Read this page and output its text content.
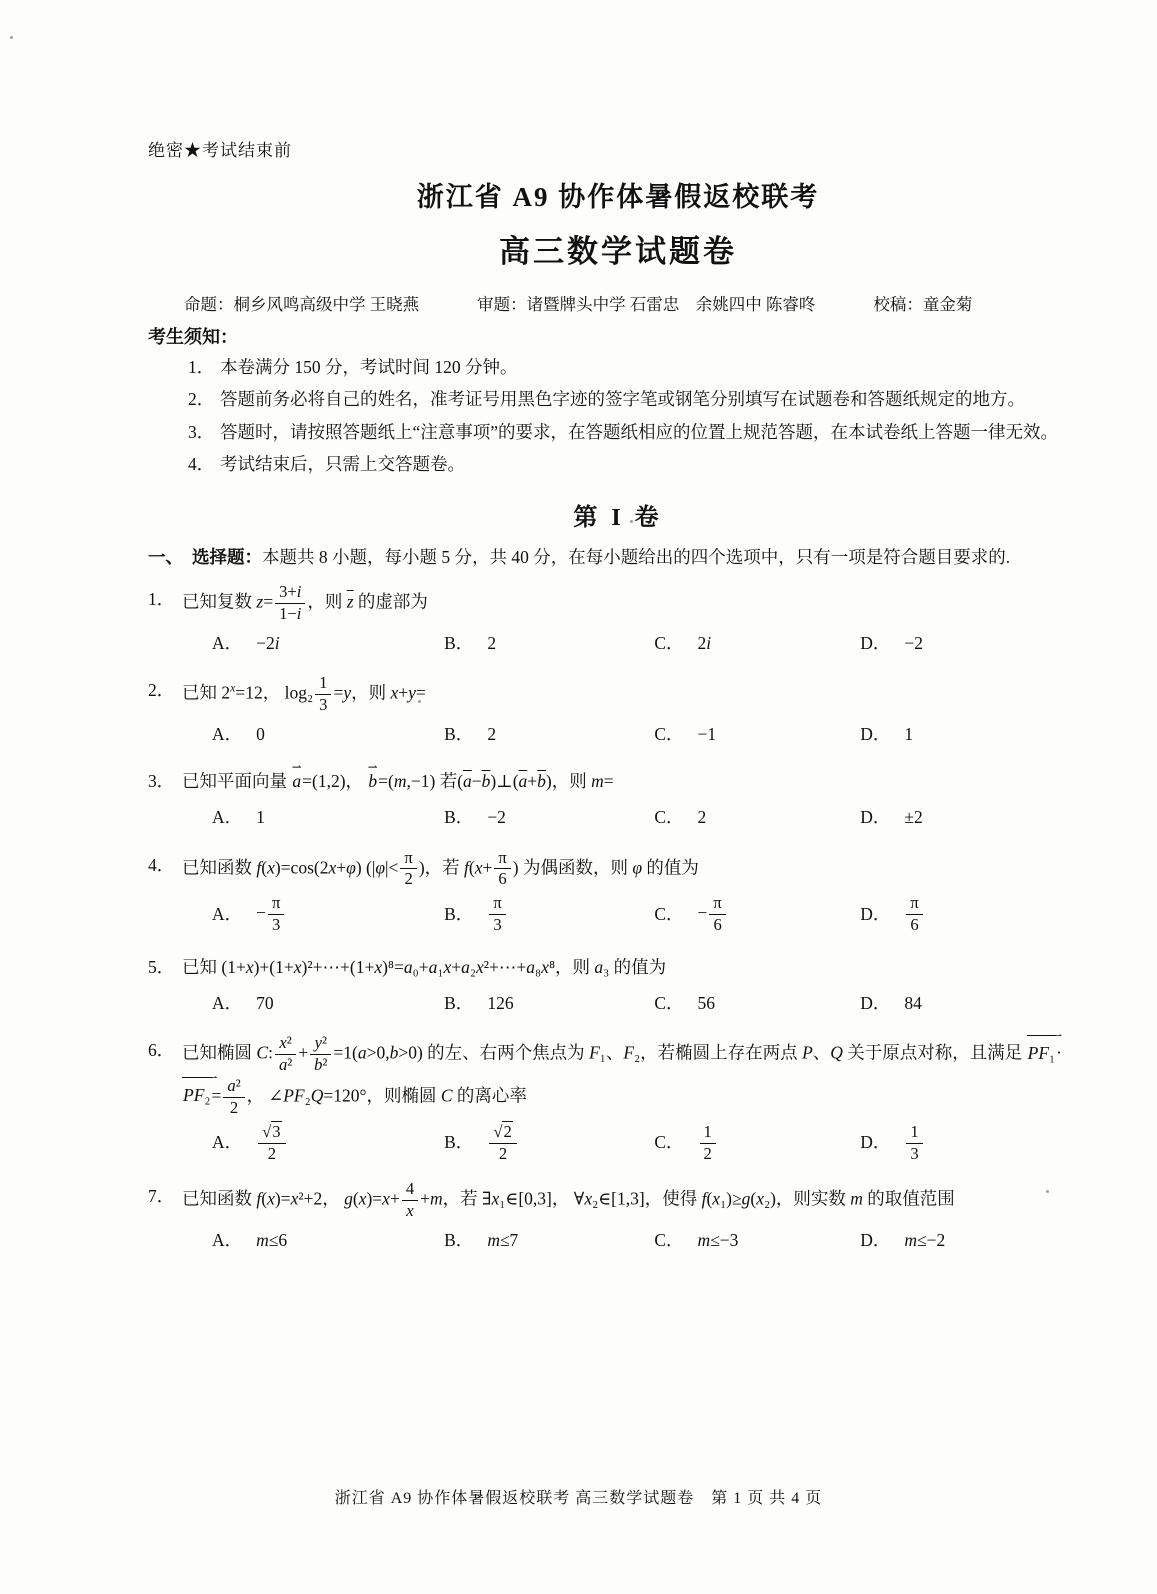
绝密★考试结束前
浙江省 A9 协作体暑假返校联考
高三数学试题卷
命题：桐乡风鸣高级中学 王晓燕	审题：诸暨牌头中学 石雷忠　余姚四中 陈睿咚	校稿：童金菊
考生须知：
1． 本卷满分 150 分，考试时间 120 分钟。
2． 答题前务必将自己的姓名，准考证号用黑色字迹的签字笔或钢笔分别填写在试题卷和答题纸规定的地方。
3． 答题时，请按照答题纸上“注意事项”的要求，在答题纸相应的位置上规范答题，在本试卷纸上答题一律无效。
4． 考试结束后，只需上交答题卷。
第 I 卷
一、 选择题：本题共 8 小题，每小题 5 分，共 40 分，在每小题给出的四个选项中，只有一项是符合题目要求的.
1． 已知复数 $z= \frac{3+i}{1-i}$ ，则 $\overline{z}$ 的虚部为
A． −2i	B． 2	C． 2i	D． −2
2． 已知 $2^x=12$， $\log_2 \frac{1}{3} =y$，则 x+y=
A． 0	B． 2	C． −1	D． 1
3． 已知平面向量 a ⇀=(1,2)， b ⇀=(m,−1) 若$(\overline{a}-\overline{b})\perp(\overline{a}+\overline{b})$，则 m=
A． 1	B． −2	C． 2	D． ±2
4． 已知函数 f(x)=cos(2x+φ) ($|\varphi|< \frac{\pi}{2}$ )，若 $f(x+ \frac{\pi}{6}$ ) 为偶函数，则 φ 的值为
A． − $\frac{\pi}{3}$	B． $\frac{\pi}{3}$	C． − $\frac{\pi}{6}$	D． $\frac{\pi}{6}$
5． 已知 (1+x)+(1+x)²+⋯+(1+x)⁸=a₀+a₁x+a₂x²+⋯+a₈x⁸，则 a₃ 的值为
A． 70	B． 126	C． 56	D． 84
6． 已知椭圆 C: $\frac{\text{x²}}{\text{a²}} + \frac{\text{y²}}{\text{b²}} =1(a>0,b>0)$ 的左、右两个焦点为 F₁、F₂，若椭圆上存在两点 P、Q 关于原点对称，且满足 PF₁ ⇀·PF₂ ⇀= $\frac{\text{a²}}{2}$ ， ∠PF₂Q=120°，则椭圆 C 的离心率
A． $\frac{√3}{2}$	B． $\frac{√2}{2}$	C． $\frac{1}{2}$	D． $\frac{1}{3}$
7． 已知函数 f(x)=x²+2， $g(x)=x+ \frac{4}{x} +m$，若 ∃x₁∈[0,3]， ∀x₂∈[1,3]，使得 f(x₁)≥g(x₂)，则实数 m 的取值范围
A． m≤6	B． m≤7	C． m≤−3	D． m≤−2
浙江省 A9 协作体暑假返校联考 高三数学试题卷　第 1 页 共 4 页
